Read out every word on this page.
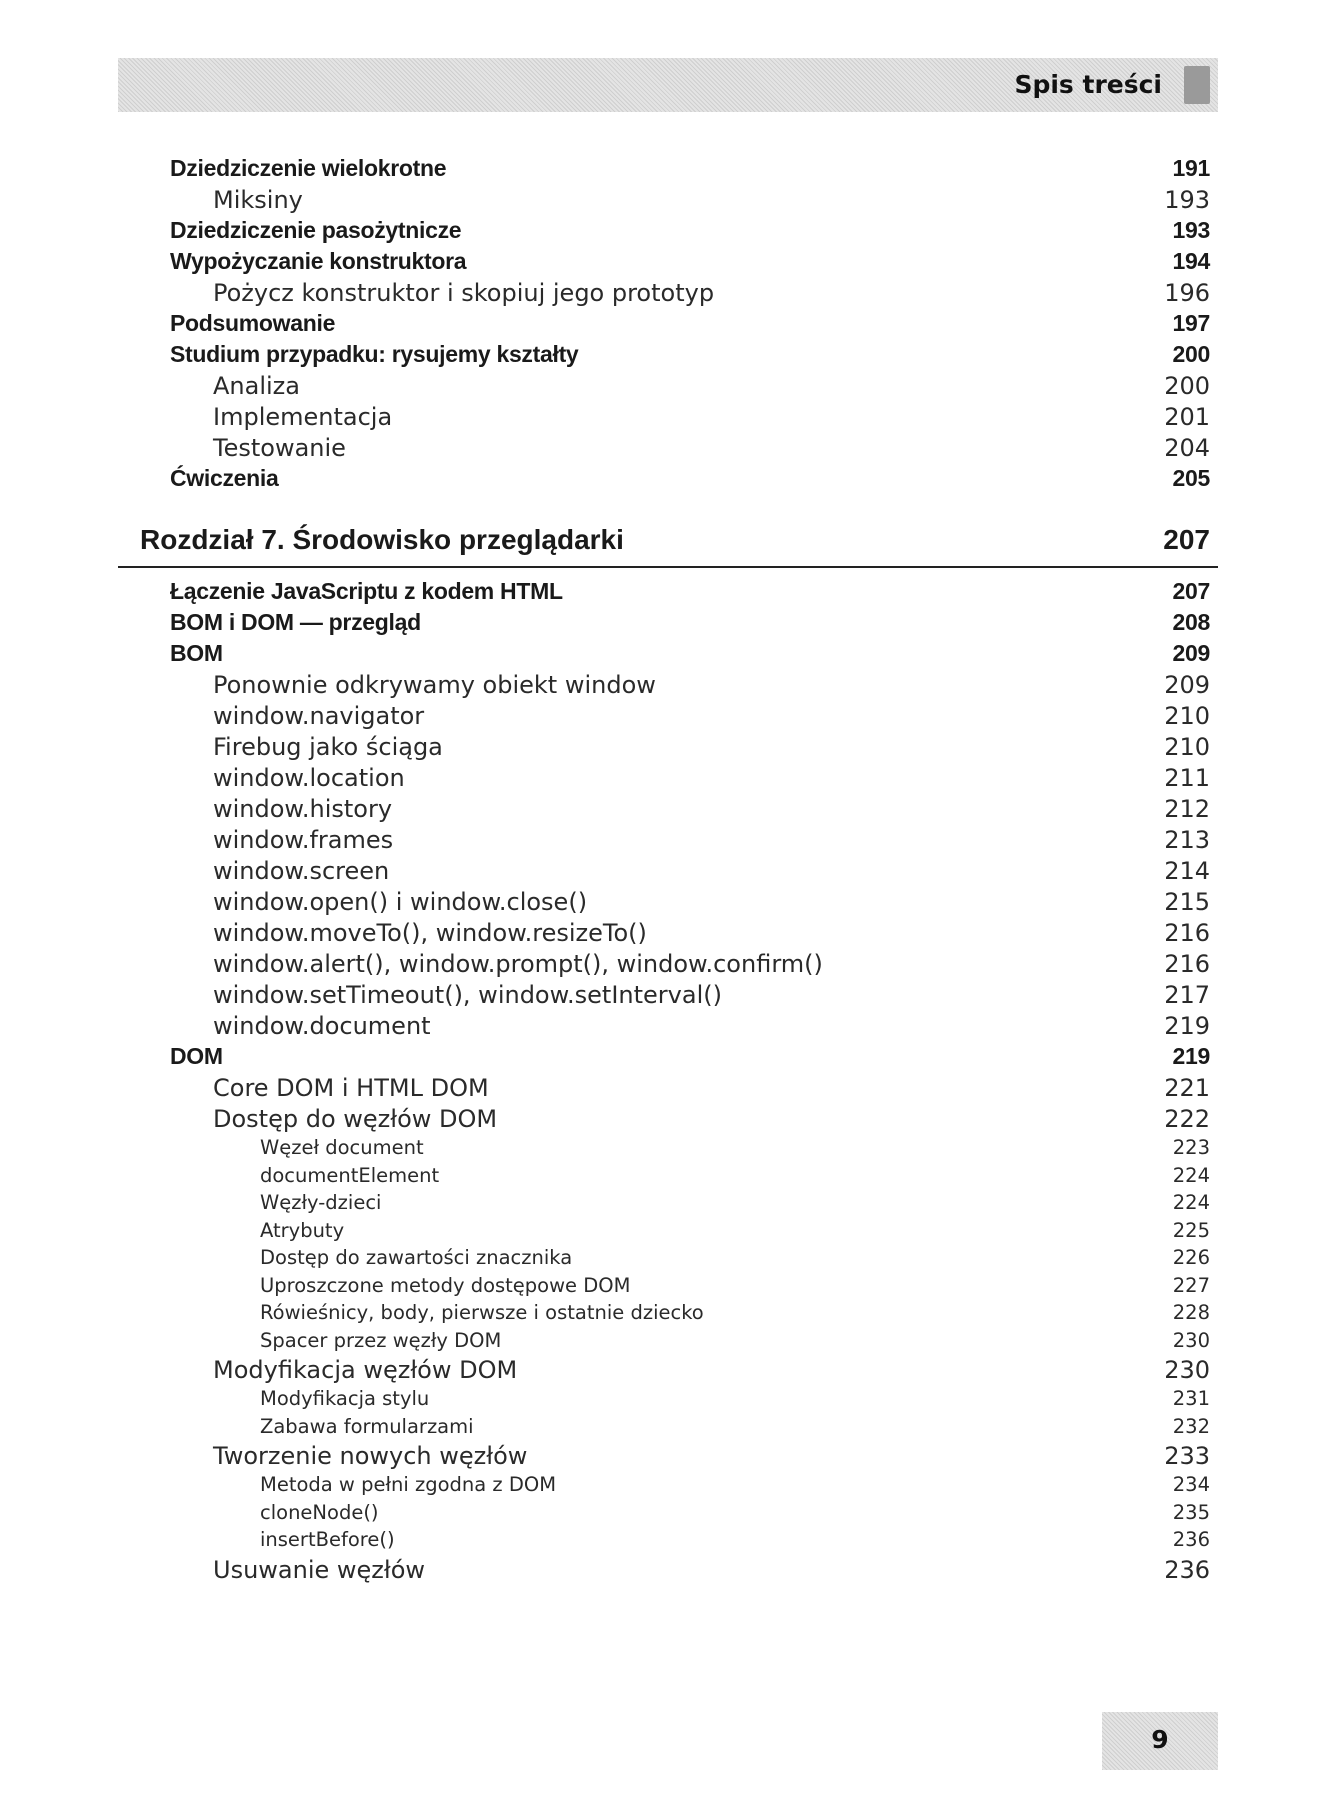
Spis treści
Dziedziczenie wielokrotne	191
Miksiny	193
Dziedziczenie pasożytnicze	193
Wypożyczanie konstruktora	194
Pożycz konstruktor i skopiuj jego prototyp	196
Podsumowanie	197
Studium przypadku: rysujemy kształty	200
Analiza	200
Implementacja	201
Testowanie	204
Ćwiczenia	205
Rozdział 7. Środowisko przeglądarki	207
Łączenie JavaScriptu z kodem HTML	207
BOM i DOM — przegląd	208
BOM	209
Ponownie odkrywamy obiekt window	209
window.navigator	210
Firebug jako ściąga	210
window.location	211
window.history	212
window.frames	213
window.screen	214
window.open() i window.close()	215
window.moveTo(), window.resizeTo()	216
window.alert(), window.prompt(), window.confirm()	216
window.setTimeout(), window.setInterval()	217
window.document	219
DOM	219
Core DOM i HTML DOM	221
Dostęp do węzłów DOM	222
Węzeł document	223
documentElement	224
Węzły-dzieci	224
Atrybuty	225
Dostęp do zawartości znacznika	226
Uproszczone metody dostępowe DOM	227
Rówieśnicy, body, pierwsze i ostatnie dziecko	228
Spacer przez węzły DOM	230
Modyfikacja węzłów DOM	230
Modyfikacja stylu	231
Zabawa formularzami	232
Tworzenie nowych węzłów	233
Metoda w pełni zgodna z DOM	234
cloneNode()	235
insertBefore()	236
Usuwanie węzłów	236
9
